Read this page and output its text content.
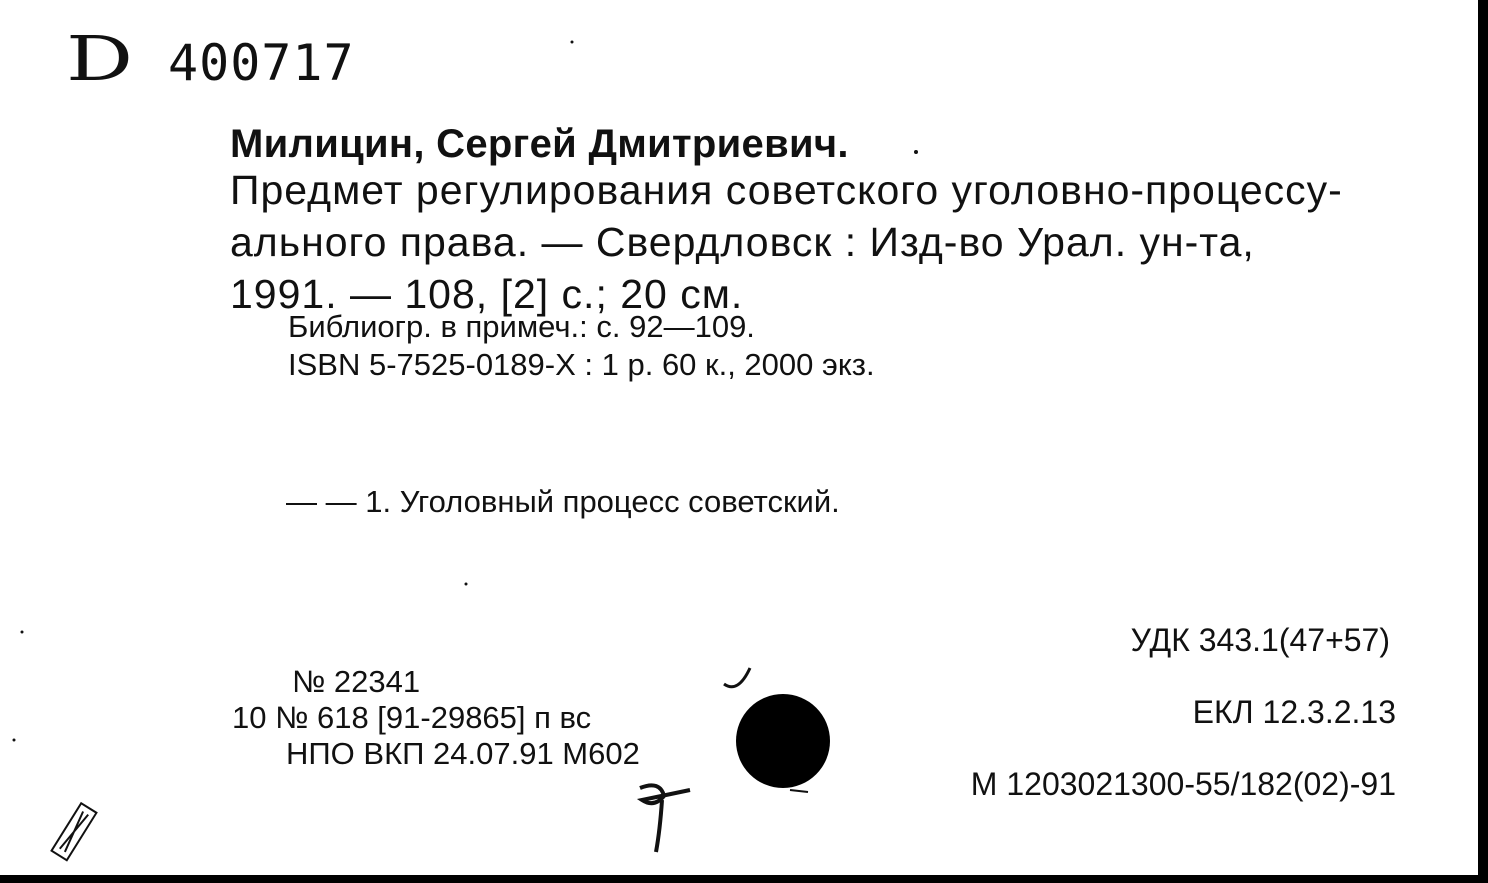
D 400717
Милицин, Сергей Дмитриевич.
Предмет регулирования советского уголовно-процессу-
ального права. — Свердловск : Изд-во Урал. ун-та,
1991. — 108, [2] с.; 20 см.
Библиогр. в примеч.: с. 92—109.
ISBN 5-7525-0189-X : 1 р. 60 к., 2000 экз.
— — 1. Уголовный процесс советский.
УДК 343.1(47+57)
ЕКЛ 12.3.2.13
М 1203021300-55/182(02)-91
№ 22341
10 № 618 [91-29865] п вс
НПО ВКП 24.07.91 М602
